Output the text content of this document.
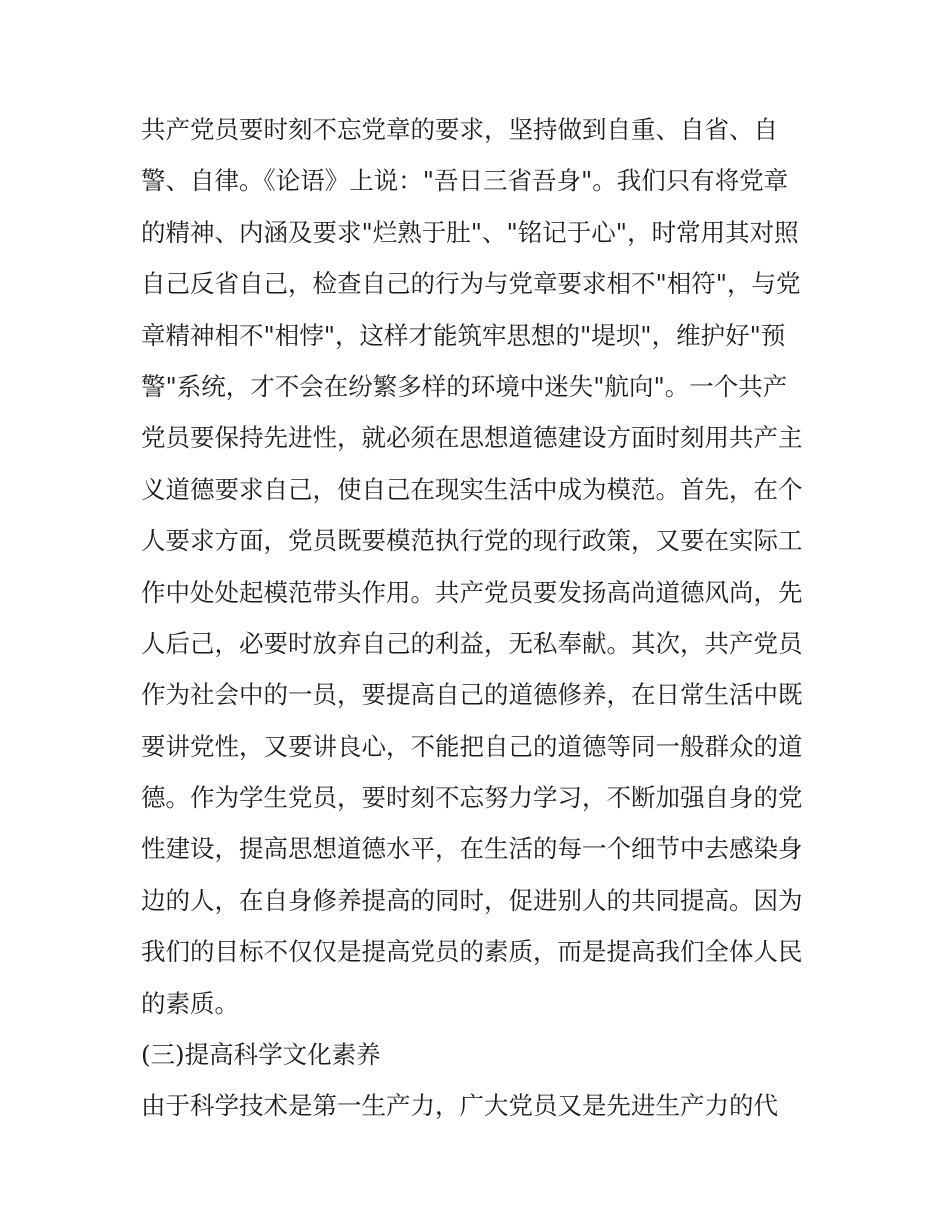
共产党员要时刻不忘党章的要求，坚持做到自重、自省、自
警、自律。《论语》上说："吾日三省吾身"。我们只有将党章
的精神、内涵及要求"烂熟于肚"、"铭记于心"，时常用其对照
自己反省自己，检查自己的行为与党章要求相不"相符"，与党
章精神相不"相悖"，这样才能筑牢思想的"堤坝"，维护好"预
警"系统，才不会在纷繁多样的环境中迷失"航向"。一个共产
党员要保持先进性，就必须在思想道德建设方面时刻用共产主
义道德要求自己，使自己在现实生活中成为模范。首先，在个
人要求方面，党员既要模范执行党的现行政策，又要在实际工
作中处处起模范带头作用。共产党员要发扬高尚道德风尚，先
人后己，必要时放弃自己的利益，无私奉献。其次，共产党员
作为社会中的一员，要提高自己的道德修养，在日常生活中既
要讲党性，又要讲良心，不能把自己的道德等同一般群众的道
德。作为学生党员，要时刻不忘努力学习，不断加强自身的党
性建设，提高思想道德水平，在生活的每一个细节中去感染身
边的人，在自身修养提高的同时，促进别人的共同提高。因为
我们的目标不仅仅是提高党员的素质，而是提高我们全体人民
的素质。
(三)提高科学文化素养
由于科学技术是第一生产力，广大党员又是先进生产力的代
